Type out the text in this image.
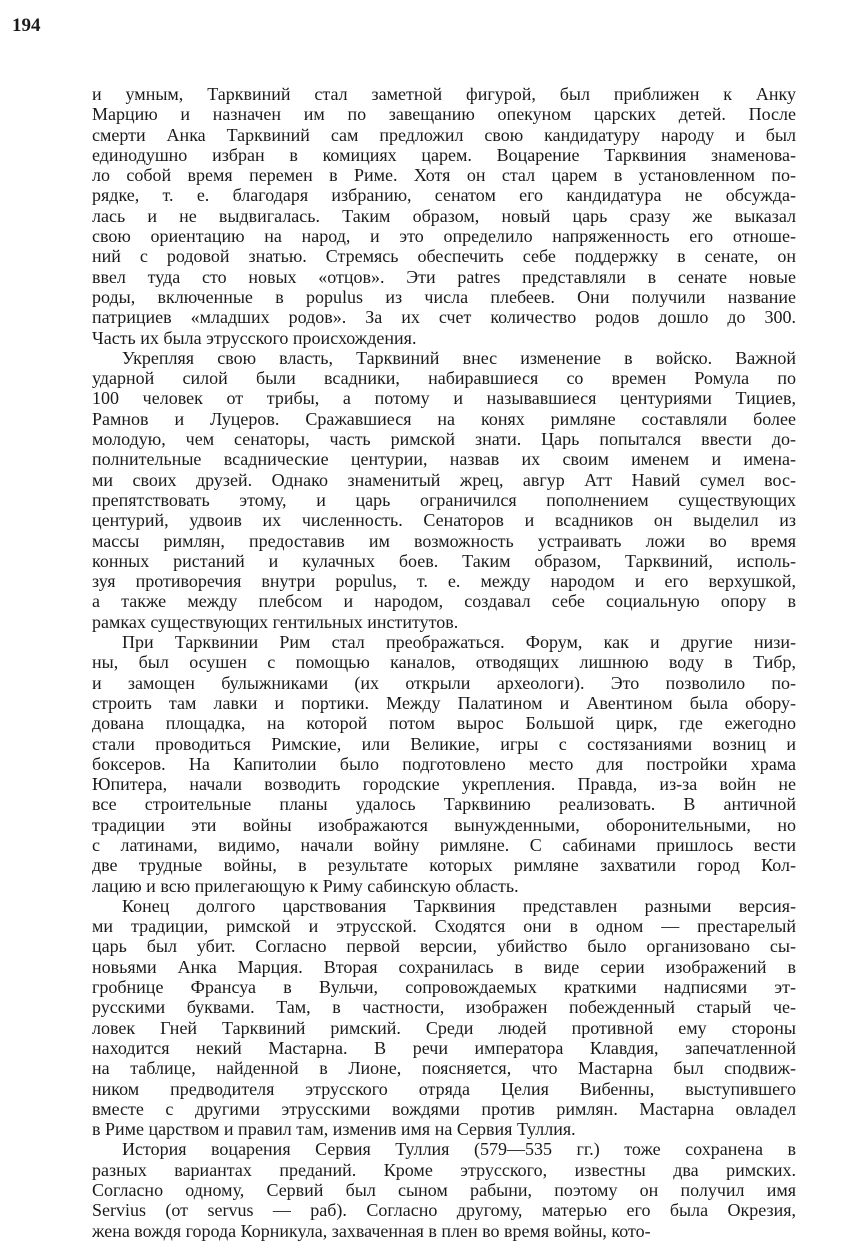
194
и умным, Тарквиний стал заметной фигурой, был приближен к Анку
Марцию и назначен им по завещанию опекуном царских детей. После
смерти Анка Тарквиний сам предложил свою кандидатуру народу и был
единодушно избран в комициях царем. Воцарение Тарквиния знаменова-
ло собой время перемен в Риме. Хотя он стал царем в установленном по-
рядке, т. е. благодаря избранию, сенатом его кандидатура не обсужда-
лась и не выдвигалась. Таким образом, новый царь сразу же выказал
свою ориентацию на народ, и это определило напряженность его отноше-
ний с родовой знатью. Стремясь обеспечить себе поддержку в сенате, он
ввел туда сто новых «отцов». Эти patres представляли в сенате новые
роды, включенные в populus из числа плебеев. Они получили название
патрициев «младших родов». За их счет количество родов дошло до 300.
Часть их была этрусского происхождения.
Укрепляя свою власть, Тарквиний внес изменение в войско. Важной
ударной силой были всадники, набиравшиеся со времен Ромула по
100 человек от трибы, а потому и называвшиеся центуриями Тициев,
Рамнов и Луцеров. Сражавшиеся на конях римляне составляли более
молодую, чем сенаторы, часть римской знати. Царь попытался ввести до-
полнительные всаднические центурии, назвав их своим именем и имена-
ми своих друзей. Однако знаменитый жрец, авгур Атт Навий сумел вос-
препятствовать этому, и царь ограничился пополнением существующих
центурий, удвоив их численность. Сенаторов и всадников он выделил из
массы римлян, предоставив им возможность устраивать ложи во время
конных ристаний и кулачных боев. Таким образом, Тарквиний, исполь-
зуя противоречия внутри populus, т. е. между народом и его верхушкой,
а также между плебсом и народом, создавал себе социальную опору в
рамках существующих гентильных институтов.
При Тарквинии Рим стал преображаться. Форум, как и другие низи-
ны, был осушен с помощью каналов, отводящих лишнюю воду в Тибр,
и замощен булыжниками (их открыли археологи). Это позволило по-
строить там лавки и портики. Между Палатином и Авентином была обору-
дована площадка, на которой потом вырос Большой цирк, где ежегодно
стали проводиться Римские, или Великие, игры с состязаниями возниц и
боксеров. На Капитолии было подготовлено место для постройки храма
Юпитера, начали возводить городские укрепления. Правда, из-за войн не
все строительные планы удалось Тарквинию реализовать. В античной
традиции эти войны изображаются вынужденными, оборонительными, но
с латинами, видимо, начали войну римляне. С сабинами пришлось вести
две трудные войны, в результате которых римляне захватили город Кол-
лацию и всю прилегающую к Риму сабинскую область.
Конец долгого царствования Тарквиния представлен разными версия-
ми традиции, римской и этрусской. Сходятся они в одном — престарелый
царь был убит. Согласно первой версии, убийство было организовано сы-
новьями Анка Марция. Вторая сохранилась в виде серии изображений в
гробнице Франсуа в Вульчи, сопровождаемых краткими надписями эт-
русскими буквами. Там, в частности, изображен побежденный старый че-
ловек Гней Тарквиний римский. Среди людей противной ему стороны
находится некий Мастарна. В речи императора Клавдия, запечатленной
на таблице, найденной в Лионе, поясняется, что Мастарна был сподвиж-
ником предводителя этрусского отряда Целия Вибенны, выступившего
вместе с другими этрусскими вождями против римлян. Мастарна овладел
в Риме царством и правил там, изменив имя на Сервия Туллия.
История воцарения Сервия Туллия (579—535 гг.) тоже сохранена в
разных вариантах преданий. Кроме этрусского, известны два римских.
Согласно одному, Сервий был сыном рабыни, поэтому он получил имя
Servius (от servus — раб). Согласно другому, матерью его была Окрезия,
жена вождя города Корникула, захваченная в плен во время войны, кото-
